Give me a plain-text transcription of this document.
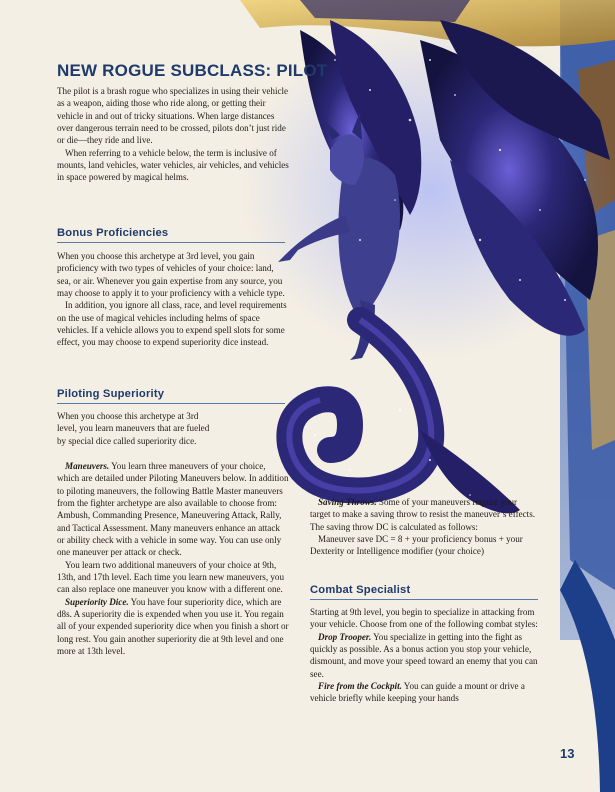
NEW ROGUE SUBCLASS: PILOT

The pilot is a brash rogue who specializes in using their vehicle as a weapon, aiding those who ride along, or getting their vehicle in and out of tricky situations. When large distances over dangerous terrain need to be crossed, pilots don’t just ride or die—they ride and live.

When referring to a vehicle below, the term is inclusive of mounts, land vehicles, water vehicles, air vehicles, and vehicles in space powered by magical helms.

Bonus Proficiencies

When you choose this archetype at 3rd level, you gain proficiency with two types of vehicles of your choice: land, sea, or air. Whenever you gain expertise from any source, you may choose to apply it to your proficiency with a vehicle type.

In addition, you ignore all class, race, and level requirements on the use of magical vehicles including helms of space vehicles. If a vehicle allows you to expend spell slots for some effect, you may choose to expend superiority dice instead.

Piloting Superiority

When you choose this archetype at 3rd level, you learn maneuvers that are fueled by special dice called superiority dice.

Maneuvers. You learn three maneuvers of your choice, which are detailed under Piloting Maneuvers below. In addition to piloting maneuvers, the following Battle Master maneuvers from the fighter archetype are also available to choose from: Ambush, Commanding Presence, Maneuvering Attack, Rally, and Tactical Assessment. Many maneuvers enhance an attack or ability check with a vehicle in some way. You can use only one maneuver per attack or check.

You learn two additional maneuvers of your choice at 9th, 13th, and 17th level. Each time you learn new maneuvers, you can also replace one maneuver you know with a different one.

Superiority Dice. You have four superiority dice, which are d8s. A superiority die is expended when you use it. You regain all of your expended superiority dice when you finish a short or long rest. You gain another superiority die at 9th level and one more at 13th level.

Saving Throws. Some of your maneuvers require your target to make a saving throw to resist the maneuver’s effects. The saving throw DC is calculated as follows:

Maneuver save DC = 8 + your proficiency bonus + your Dexterity or Intelligence modifier (your choice)

Combat Specialist

Starting at 9th level, you begin to specialize in attacking from your vehicle. Choose from one of the following combat styles:

Drop Trooper. You specialize in getting into the fight as quickly as possible. As a bonus action you stop your vehicle, dismount, and move your speed toward an enemy that you can see.

Fire from the Cockpit. You can guide a mount or drive a vehicle briefly while keeping your hands

13
